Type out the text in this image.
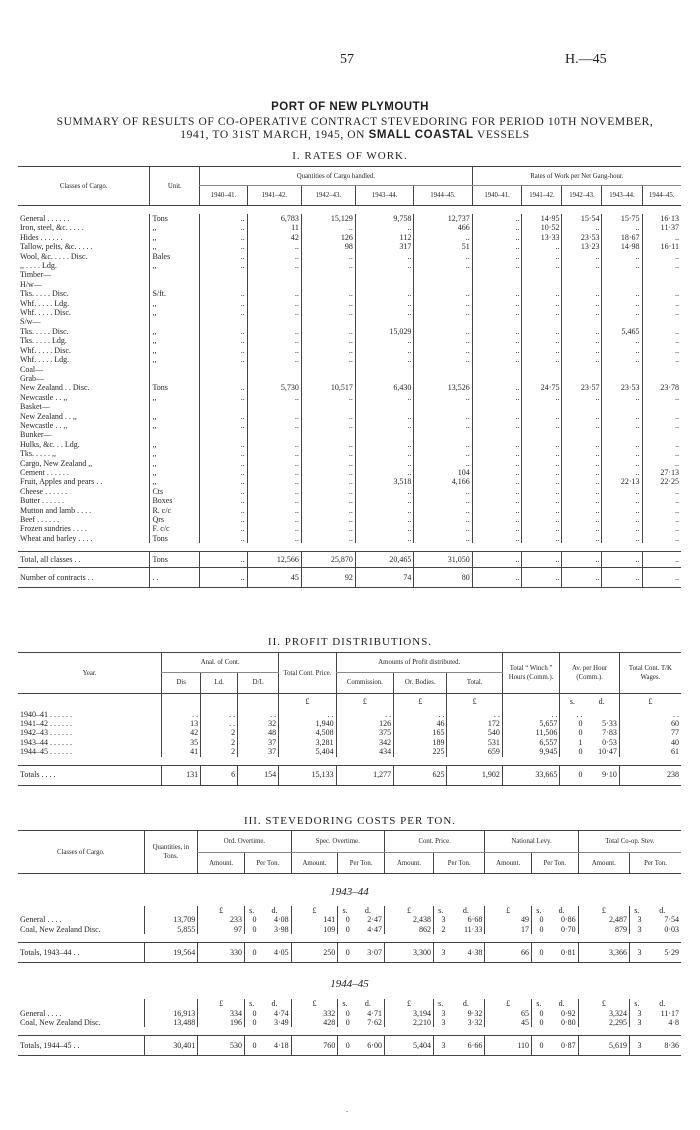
57	H.—45
PORT OF NEW PLYMOUTH
SUMMARY OF RESULTS OF CO-OPERATIVE CONTRACT STEVEDORING FOR PERIOD 10TH NOVEMBER,
1941, TO 31ST MARCH, 1945, ON SMALL COASTAL VESSELS
I. RATES OF WORK.
Classes of Cargo.	Unit.	Quantities of Cargo handled.					Rates of Work per Net Gang-hour.				
		1940–41.	1941–42.	1942–43.	1943–44.	1944–45.	1940–41.	1941–42.	1942–43.	1943–44.	1944–45.

General . . . . . .	Tons	..	6,783	15,129	9,758	12,737	..	14·95	15·54	15·75	16·13
Iron, steel, &c. . . . .	,,	..	11	..	..	466	..	10·52	..	..	11·37
Hides . . . . . .	,,	..	42	126	112	..	..	13·33	23·53	18·67	..
Tallow, pelts, &c. . . . .	,,	..	..	98	317	51	..	..	13·23	14·98	16·11
Wool, &c. . . . . Disc.	Bales	..	..	..	..	..	..	..	..	..	..
,, . . . . Ldg.	,,	..	..	..	..	..	..	..	..	..	..
Timber—											
H/w—											
Tks. . . . . Disc.	S/ft.	..	..	..	..	..	..	..	..	..	..
Whf. . . . . Ldg.	,,	..	..	..	..	..	..	..	..	..	..
Whf. . . . . Disc.	,,	..	..	..	..	..	..	..	..	..	..
S/w—											
Tks. . . . . Disc.	,,	..	..	..	15,029	..	..	..	..	5,465	..
Tks. . . . . Ldg.	,,	..	..	..	..	..	..	..	..	..	..
Whf. . . . . Disc.	,,	..	..	..	..	..	..	..	..	..	..
Whf. . . . . Ldg.	,,	..	..	..	..	..	..	..	..	..	..
Coal—											
Grab—											
New Zealand . . Disc.	Tons	..	5,730	10,517	6,430	13,526	..	24·75	23·57	23·53	23·78
Newcastle . . ,,	,,	..	..	..	..	..	..	..	..	..	..
Basket—											
New Zealand . . ,,	,,	..	..	..	..	..	..	..	..	..	..
Newcastle . . ,,	,,	..	..	..	..	..	..	..	..	..	..
Bunker—											
Hulks, &c. . . Ldg.	,,	..	..	..	..	..	..	..	..	..	..
Tks. . . . . ,,	,,	..	..	..	..	..	..	..	..	..	..
Cargo, New Zealand ,,	,,	..	..	..	..	..	..	..	..	..	..
Cement . . . . . .	,,	..	..	..	..	104	..	..	..	..	27·13
Fruit, Apples and pears . .	,,	..	..	..	3,518	4,166	..	..	..	22·13	22·25
Cheese . . . . . .	Cts	..	..	..	..	..	..	..	..	..	..
Butter . . . . . .	Boxes	..	..	..	..	..	..	..	..	..	..
Mutton and lamb . . . .	R. c/c	..	..	..	..	..	..	..	..	..	..
Beef . . . . . .	Qrs	..	..	..	..	..	..	..	..	..	..
Frozen sundries . . . .	F. c/c	..	..	..	..	..	..	..	..	..	..
Wheat and barley . . . .	Tons	..	..	..	..	..	..	..	..	..	..

Total, all classes . .	Tons	..	12,566	25,870	20,465	31,050	..	..	..	..	..
Number of contracts . .	. .	..	45	92	74	80	..	..	..	..	..
II. PROFIT DISTRIBUTIONS.
Year.	Anal. of Cont.			Total Cont. Price.	Amounts of Profit distributed.			Total “ Winch ” Hours (Comm.).	Av. per Hour (Comm.).		Total Cont. T/K Wages.
	Dis	Ld.	D/L		Commission.	Or. Bodies.	Total.				
				£	£	£	£		s.	d.	£
1940–41 . . . . . .	. .	. .	. .	. .	. .	. .	. .	. .	. .		. .
1941–42 . . . . . .	13	. .	32	1,940	126	46	172	5,657	0	5·33	60
1942–43 . . . . . .	42	2	48	4,508	375	165	540	11,506	0	7·83	77
1943–44 . . . . . .	35	2	37	3,281	342	189	531	6,557	1	0·53	40
1944–45 . . . . . .	41	2	37	5,404	434	225	659	9,945	0	10·47	61

Totals . . . .	131	6	154	15,133	1,277	625	1,902	33,665	0	9·10	238
III. STEVEDORING COSTS PER TON.
Classes of Cargo.	Quantities, in Tons.	Ord. Overtime.			Spec. Overtime.			Cont. Price.			National Levy.			Total Co-op. Stev.		
		Amount.	Per Ton.		Amount.	Per Ton.		Amount.	Per Ton.		Amount.	Per Ton.		Amount.	Per Ton.	
1943–44																
		£	s.	d.	£	s.	d.	£	s.	d.	£	s.	d.	£	s.	d.
General . . . .	13,709	233	0	4·08	141	0	2·47	2,438	3	6·68	49	0	0·86	2,487	3	7·54
Coal, New Zealand Disc.	5,855	97	0	3·98	109	0	4·47	862	2	11·33	17	0	0·70	879	3	0·03

Totals, 1943–44 . .	19,564	330	0	4·05	250	0	3·07	3,300	3	4·38	66	0	0·81	3,366	3	5·29
1944–45																
		£	s.	d.	£	s.	d.	£	s.	d.	£	s.	d.	£	s.	d.
General . . . .	16,913	334	0	4·74	332	0	4·71	3,194	3	9·32	65	0	0·92	3,324	3	11·17
Coal, New Zealand Disc.	13,488	196	0	3·49	428	0	7·62	2,210	3	3·32	45	0	0·80	2,295	3	4·8

Totals, 1944–45 . .	30,401	530	0	4·18	760	0	6·00	5,404	3	6·66	110	0	0·87	5,619	3	8·36
.
